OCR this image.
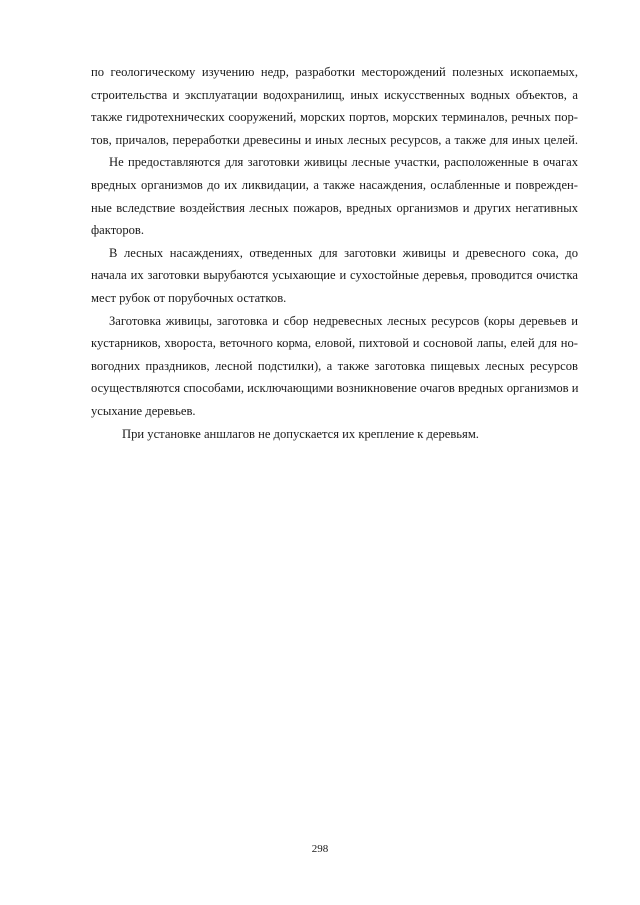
по геологическому изучению недр, разработки месторождений полезных ископаемых,
строительства и эксплуатации водохранилищ, иных искусственных водных объектов, а
также гидротехнических сооружений, морских портов, морских терминалов, речных пор-
тов, причалов, переработки древесины и иных лесных ресурсов, а также для иных целей.
Не предоставляются для заготовки живицы лесные участки, расположенные в очагах
вредных организмов до их ликвидации, а также насаждения, ослабленные и поврежден-
ные вследствие воздействия лесных пожаров, вредных организмов и других негативных
факторов.
В лесных насаждениях, отведенных для заготовки живицы и древесного сока, до
начала их заготовки вырубаются усыхающие и сухостойные деревья, проводится очистка
мест рубок от порубочных остатков.
Заготовка живицы, заготовка и сбор недревесных лесных ресурсов (коры деревьев и
кустарников, хвороста, веточного корма, еловой, пихтовой и сосновой лапы, елей для но-
вогодних праздников, лесной подстилки), а также заготовка пищевых лесных ресурсов
осуществляются способами, исключающими возникновение очагов вредных организмов и
усыхание деревьев.
При установке аншлагов не допускается их крепление к деревьям.
298
